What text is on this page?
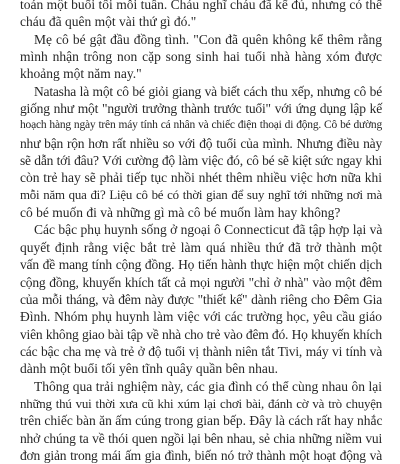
toán một buổi tối mỗi tuần. Cháu nghĩ cháu đã kể đủ, nhưng có thể
cháu đã quên một vài thứ gì đó."
Mẹ cô bé gật đầu đồng tình. "Con đã quên không kể thêm rằng
mình nhận trông non cặp song sinh hai tuổi nhà hàng xóm được
khoảng một năm nay."
Natasha là một cô bé giỏi giang và biết cách thu xếp, nhưng cô bé
giống như một "người trưởng thành trước tuổi" với ứng dụng lập kế
hoạch hàng ngày trên máy tính cá nhân và chiếc điện thoại di động. Cô bé dường
như bận rộn hơn rất nhiều so với độ tuổi của mình. Nhưng điều này
sẽ dẫn tới đâu? Với cường độ làm việc đó, cô bé sẽ kiệt sức ngay khi
còn trẻ hay sẽ phải tiếp tục nhồi nhét thêm nhiều việc hơn nữa khi
mỗi năm qua đi? Liệu cô bé có thời gian để suy nghĩ tới những nơi mà
cô bé muốn đi và những gì mà cô bé muốn làm hay không?
Các bậc phụ huynh sống ở ngoại ô Connecticut đã tập hợp lại và
quyết định rằng việc bắt trẻ làm quá nhiều thứ đã trở thành một
vấn đề mang tính cộng đồng. Họ tiến hành thực hiện một chiến dịch
cộng đồng, khuyến khích tất cả mọi người "chỉ ở nhà" vào một đêm
của mỗi tháng, và đêm này được "thiết kế" dành riêng cho Đêm Gia
Đình. Nhóm phụ huynh làm việc với các trường học, yêu cầu giáo
viên không giao bài tập về nhà cho trẻ vào đêm đó. Họ khuyến khích
các bậc cha mẹ và trẻ ở độ tuổi vị thành niên tắt Tivi, máy vi tính và
dành một buổi tối yên tĩnh quây quần bên nhau.
Thông qua trải nghiệm này, các gia đình có thể cùng nhau ôn lại
những thú vui thời xưa cũ khi xúm lại chơi bài, đánh cờ và trò chuyện
trên chiếc bàn ăn ấm cúng trong gian bếp. Đây là cách rất hay nhắc
nhở chúng ta về thói quen ngồi lại bên nhau, sẻ chia những niềm vui
đơn giản trong mái ấm gia đình, biến nó trở thành một hoạt động và
